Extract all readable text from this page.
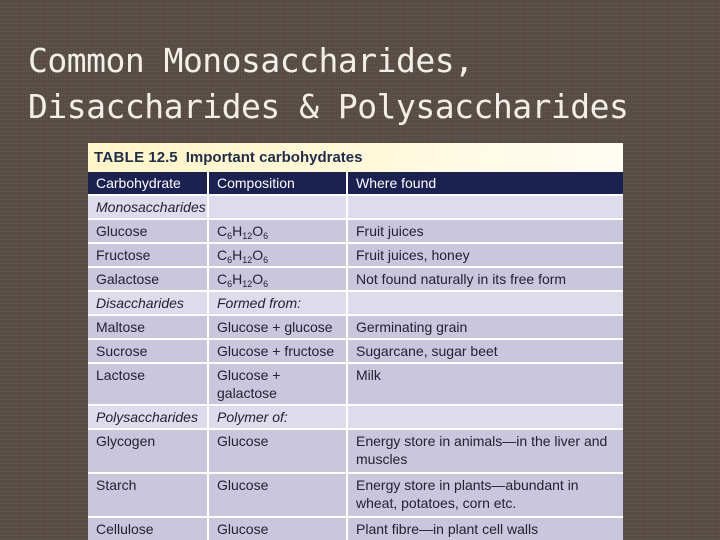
Common Monosaccharides,
Disaccharides & Polysaccharides
TABLE 12.5 Important carbohydrates
Carbohydrate	Composition	Where found
Monosaccharides		
Glucose	$C_6H_{12}O_6$	Fruit juices
Fructose	$C_6H_{12}O_6$	Fruit juices, honey
Galactose	$C_6H_{12}O_6$	Not found naturally in its free form
Disaccharides	Formed from:	
Maltose	Glucose + glucose	Germinating grain
Sucrose	Glucose + fructose	Sugarcane, sugar beet
Lactose	Glucose + galactose	Milk
Polysaccharides	Polymer of:	
Glycogen	Glucose	Energy store in animals—in the liver and muscles
Starch	Glucose	Energy store in plants—abundant in wheat, potatoes, corn etc.
Cellulose	Glucose	Plant fibre—in plant cell walls
